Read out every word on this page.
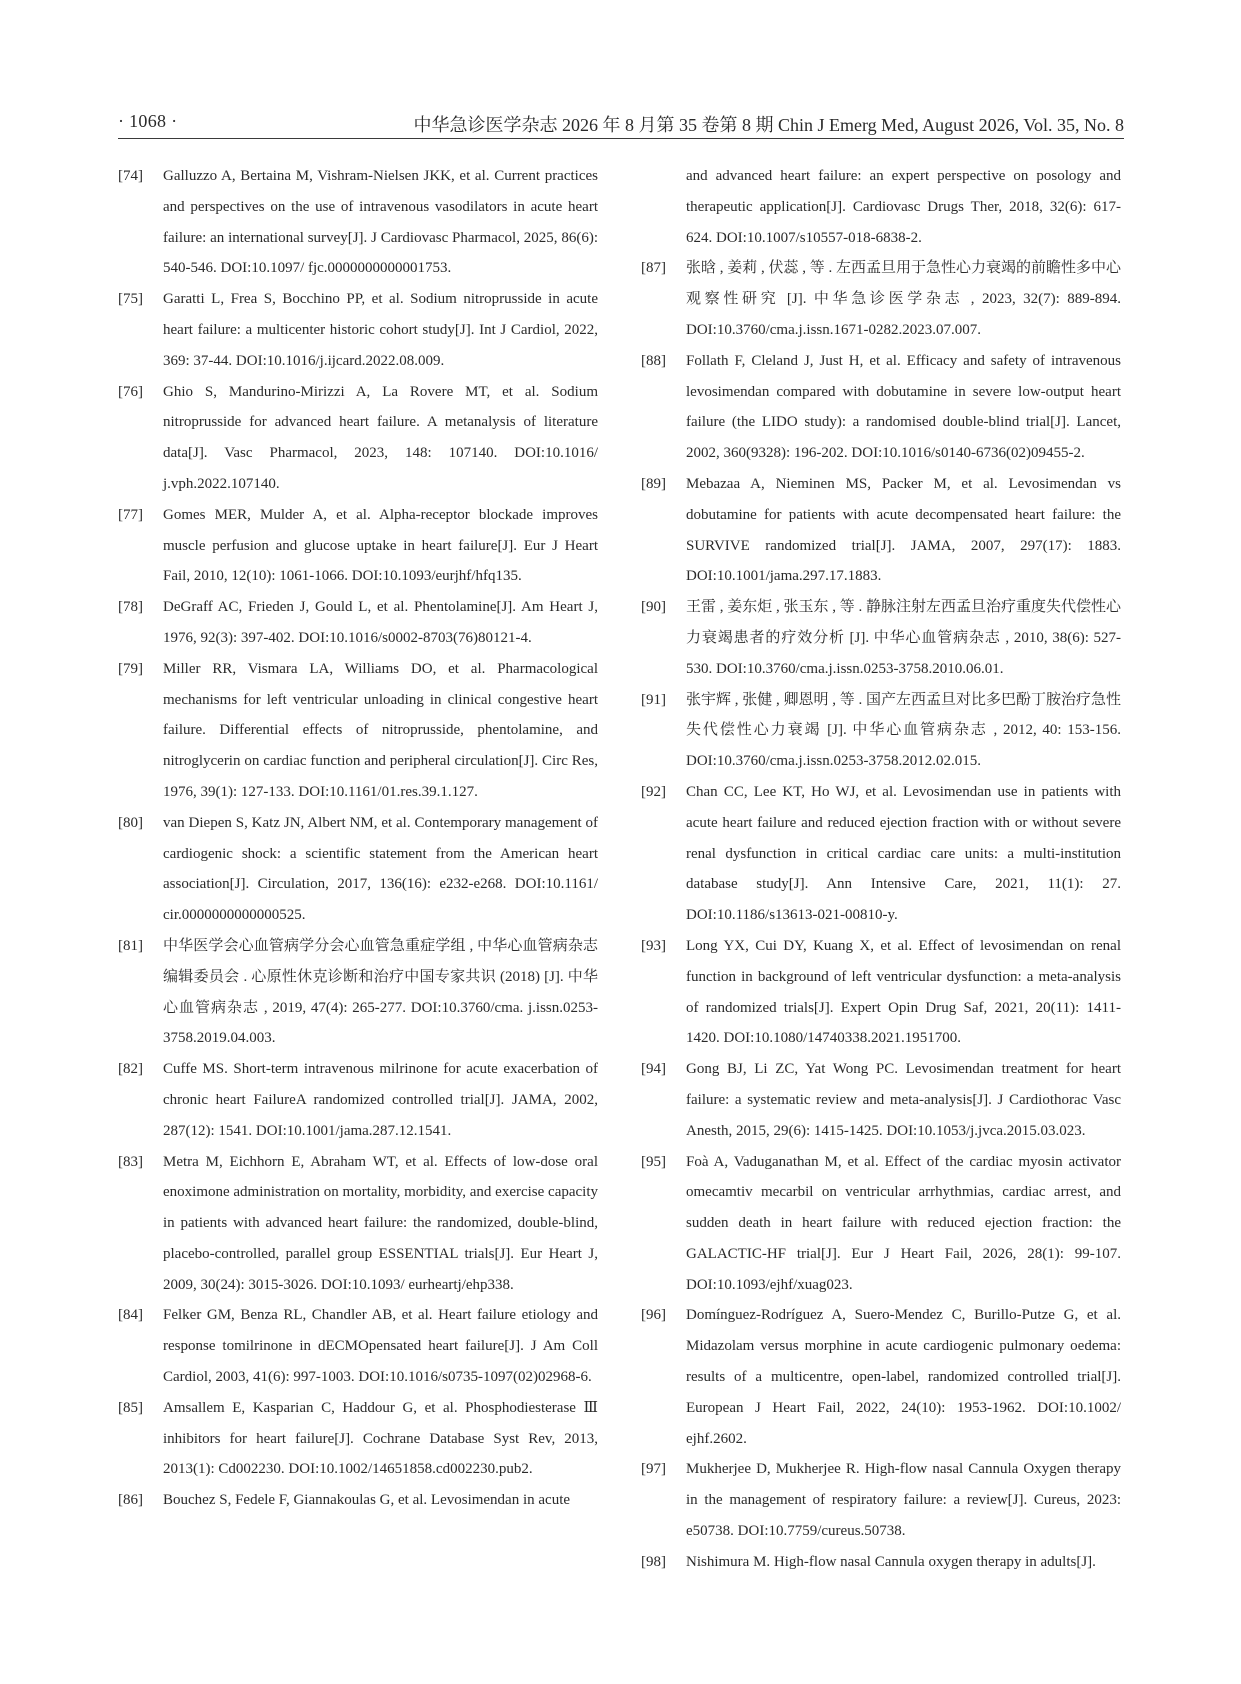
· 1068 ·	中华急诊医学杂志 2026 年 8 月第 35 卷第 8 期 Chin J Emerg Med, August 2026, Vol. 35, No. 8
[74] Galluzzo A, Bertaina M, Vishram-Nielsen JKK, et al. Current practices and perspectives on the use of intravenous vasodilators in acute heart failure: an international survey[J]. J Cardiovasc Pharmacol, 2025, 86(6): 540-546. DOI:10.1097/ fjc.0000000000001753.
[75] Garatti L, Frea S, Bocchino PP, et al. Sodium nitroprusside in acute heart failure: a multicenter historic cohort study[J]. Int J Cardiol, 2022, 369: 37-44. DOI:10.1016/j.ijcard.2022.08.009.
[76] Ghio S, Mandurino-Mirizzi A, La Rovere MT, et al. Sodium nitroprusside for advanced heart failure. A metanalysis of literature data[J]. Vasc Pharmacol, 2023, 148: 107140. DOI:10.1016/ j.vph.2022.107140.
[77] Gomes MER, Mulder A, et al. Alpha-receptor blockade improves muscle perfusion and glucose uptake in heart failure[J]. Eur J Heart Fail, 2010, 12(10): 1061-1066. DOI:10.1093/eurjhf/hfq135.
[78] DeGraff AC, Frieden J, Gould L, et al. Phentolamine[J]. Am Heart J, 1976, 92(3): 397-402. DOI:10.1016/s0002-8703(76)80121-4.
[79] Miller RR, Vismara LA, Williams DO, et al. Pharmacological mechanisms for left ventricular unloading in clinical congestive heart failure. Differential effects of nitroprusside, phentolamine, and nitroglycerin on cardiac function and peripheral circulation[J]. Circ Res, 1976, 39(1): 127-133. DOI:10.1161/01.res.39.1.127.
[80] van Diepen S, Katz JN, Albert NM, et al. Contemporary management of cardiogenic shock: a scientific statement from the American heart association[J]. Circulation, 2017, 136(16): e232-e268. DOI:10.1161/ cir.0000000000000525.
[81] 中华医学会心血管病学分会心血管急重症学组 , 中华心血管病杂志编辑委员会 . 心原性休克诊断和治疗中国专家共识 (2018) [J]. 中华心血管病杂志 , 2019, 47(4): 265-277. DOI:10.3760/cma. j.issn.0253-3758.2019.04.003.
[82] Cuffe MS. Short-term intravenous milrinone for acute exacerbation of chronic heart FailureA randomized controlled trial[J]. JAMA, 2002, 287(12): 1541. DOI:10.1001/jama.287.12.1541.
[83] Metra M, Eichhorn E, Abraham WT, et al. Effects of low-dose oral enoximone administration on mortality, morbidity, and exercise capacity in patients with advanced heart failure: the randomized, double-blind, placebo-controlled, parallel group ESSENTIAL trials[J]. Eur Heart J, 2009, 30(24): 3015-3026. DOI:10.1093/ eurheartj/ehp338.
[84] Felker GM, Benza RL, Chandler AB, et al. Heart failure etiology and response tomilrinone in dECMOpensated heart failure[J]. J Am Coll Cardiol, 2003, 41(6): 997-1003. DOI:10.1016/s0735-1097(02)02968-6.
[85] Amsallem E, Kasparian C, Haddour G, et al. Phosphodiesterase Ⅲ inhibitors for heart failure[J]. Cochrane Database Syst Rev, 2013, 2013(1): Cd002230. DOI:10.1002/14651858.cd002230.pub2.
[86] Bouchez S, Fedele F, Giannakoulas G, et al. Levosimendan in acute
and advanced heart failure: an expert perspective on posology and therapeutic application[J]. Cardiovasc Drugs Ther, 2018, 32(6): 617-624. DOI:10.1007/s10557-018-6838-2.
[87] 张晗 , 姜莉 , 伏蕊 , 等 . 左西孟旦用于急性心力衰竭的前瞻性多中心观察性研究 [J]. 中华急诊医学杂志 , 2023, 32(7): 889-894. DOI:10.3760/cma.j.issn.1671-0282.2023.07.007.
[88] Follath F, Cleland J, Just H, et al. Efficacy and safety of intravenous levosimendan compared with dobutamine in severe low-output heart failure (the LIDO study): a randomised double-blind trial[J]. Lancet, 2002, 360(9328): 196-202. DOI:10.1016/s0140-6736(02)09455-2.
[89] Mebazaa A, Nieminen MS, Packer M, et al. Levosimendan vs dobutamine for patients with acute decompensated heart failure: the SURVIVE randomized trial[J]. JAMA, 2007, 297(17): 1883. DOI:10.1001/jama.297.17.1883.
[90] 王雷 , 姜东炬 , 张玉东 , 等 . 静脉注射左西孟旦治疗重度失代偿性心力衰竭患者的疗效分析 [J]. 中华心血管病杂志 , 2010, 38(6): 527-530. DOI:10.3760/cma.j.issn.0253-3758.2010.06.01.
[91] 张宇辉 , 张健 , 卿恩明 , 等 . 国产左西孟旦对比多巴酚丁胺治疗急性失代偿性心力衰竭 [J]. 中华心血管病杂志 , 2012, 40: 153-156. DOI:10.3760/cma.j.issn.0253-3758.2012.02.015.
[92] Chan CC, Lee KT, Ho WJ, et al. Levosimendan use in patients with acute heart failure and reduced ejection fraction with or without severe renal dysfunction in critical cardiac care units: a multi-institution database study[J]. Ann Intensive Care, 2021, 11(1): 27. DOI:10.1186/s13613-021-00810-y.
[93] Long YX, Cui DY, Kuang X, et al. Effect of levosimendan on renal function in background of left ventricular dysfunction: a meta-analysis of randomized trials[J]. Expert Opin Drug Saf, 2021, 20(11): 1411-1420. DOI:10.1080/14740338.2021.1951700.
[94] Gong BJ, Li ZC, Yat Wong PC. Levosimendan treatment for heart failure: a systematic review and meta-analysis[J]. J Cardiothorac Vasc Anesth, 2015, 29(6): 1415-1425. DOI:10.1053/j.jvca.2015.03.023.
[95] Foà A, Vaduganathan M, et al. Effect of the cardiac myosin activator omecamtiv mecarbil on ventricular arrhythmias, cardiac arrest, and sudden death in heart failure with reduced ejection fraction: the GALACTIC-HF trial[J]. Eur J Heart Fail, 2026, 28(1): 99-107. DOI:10.1093/ejhf/xuag023.
[96] Domínguez-Rodríguez A, Suero-Mendez C, Burillo-Putze G, et al. Midazolam versus morphine in acute cardiogenic pulmonary oedema: results of a multicentre, open-label, randomized controlled trial[J]. European J Heart Fail, 2022, 24(10): 1953-1962. DOI:10.1002/ ejhf.2602.
[97] Mukherjee D, Mukherjee R. High-flow nasal Cannula Oxygen therapy in the management of respiratory failure: a review[J]. Cureus, 2023: e50738. DOI:10.7759/cureus.50738.
[98] Nishimura M. High-flow nasal Cannula oxygen therapy in adults[J].
